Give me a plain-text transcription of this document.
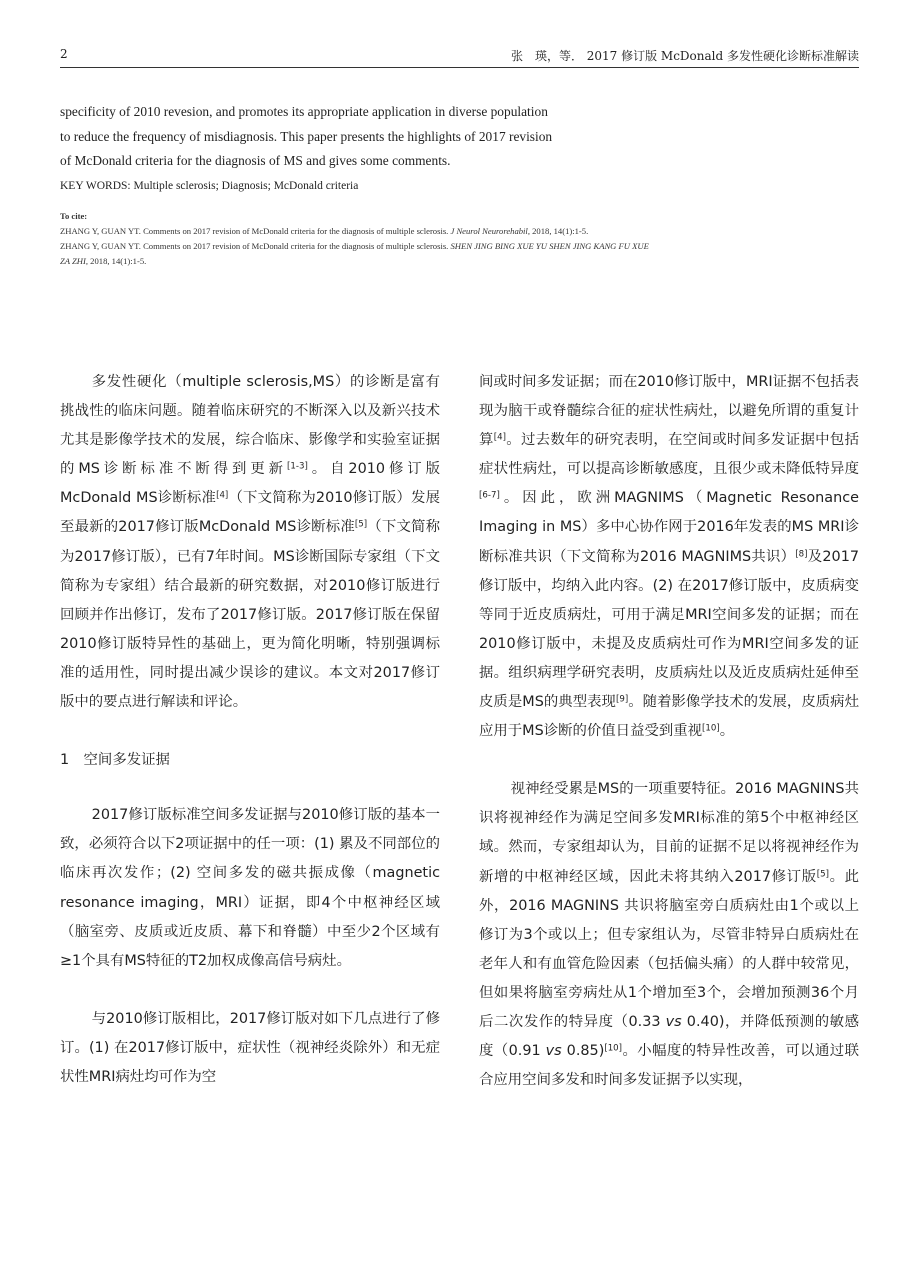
2	张　瑛，等． 2017 修订版 McDonald 多发性硬化诊断标准解读
specificity of 2010 revesion, and promotes its appropriate application in diverse population
to reduce the frequency of misdiagnosis. This paper presents the highlights of 2017 revision
of McDonald criteria for the diagnosis of MS and gives some comments.
KEY WORDS: Multiple sclerosis; Diagnosis; McDonald criteria
To cite:
ZHANG Y, GUAN YT. Comments on 2017 revision of McDonald criteria for the diagnosis of multiple sclerosis. J Neurol Neurorehabil, 2018, 14(1):1-5.
ZHANG Y, GUAN YT. Comments on 2017 revision of McDonald criteria for the diagnosis of multiple sclerosis. SHEN JING BING XUE YU SHEN JING KANG FU XUE ZA ZHI, 2018, 14(1):1-5.

多发性硬化（multiple sclerosis,MS）的诊断是富有挑战性的临床问题。随着临床研究的不断深入以及新兴技术尤其是影像学技术的发展，综合临床、影像学和实验室证据的MS诊断标准不断得到更新[1-3]。自2010修订版McDonald MS诊断标准[4]（下文简称为2010修订版）发展至最新的2017修订版McDonald MS诊断标准[5]（下文简称为2017修订版），已有7年时间。MS诊断国际专家组（下文简称为专家组）结合最新的研究数据，对2010修订版进行回顾并作出修订，发布了2017修订版。2017修订版在保留2010修订版特异性的基础上，更为简化明晰，特别强调标准的适用性，同时提出减少误诊的建议。本文对2017修订版中的要点进行解读和评论。

1　空间多发证据

2017修订版标准空间多发证据与2010修订版的基本一致，必须符合以下2项证据中的任一项：(1) 累及不同部位的临床再次发作；(2) 空间多发的磁共振成像（magnetic resonance imaging，MRI）证据，即4个中枢神经区域（脑室旁、皮质或近皮质、幕下和脊髓）中至少2个区域有≥1个具有MS特征的T2加权成像高信号病灶。

与2010修订版相比，2017修订版对如下几点进行了修订。(1) 在2017修订版中，症状性（视神经炎除外）和无症状性MRI病灶均可作为空

间或时间多发证据；而在2010修订版中，MRI证据不包括表现为脑干或脊髓综合征的症状性病灶，以避免所谓的重复计算[4]。过去数年的研究表明，在空间或时间多发证据中包括症状性病灶，可以提高诊断敏感度，且很少或未降低特异度[6-7]。因此，欧洲MAGNIMS（Magnetic Resonance Imaging in MS）多中心协作网于2016年发表的MS MRI诊断标准共识（下文简称为2016 MAGNIMS共识）[8]及2017修订版中，均纳入此内容。(2) 在2017修订版中，皮质病变等同于近皮质病灶，可用于满足MRI空间多发的证据；而在2010修订版中，未提及皮质病灶可作为MRI空间多发的证据。组织病理学研究表明，皮质病灶以及近皮质病灶延伸至皮质是MS的典型表现[9]。随着影像学技术的发展，皮质病灶应用于MS诊断的价值日益受到重视[10]。

视神经受累是MS的一项重要特征。2016 MAGNINS共识将视神经作为满足空间多发MRI标准的第5个中枢神经区域。然而，专家组却认为，目前的证据不足以将视神经作为新增的中枢神经区域，因此未将其纳入2017修订版[5]。此外，2016 MAGNINS 共识将脑室旁白质病灶由1个或以上修订为3个或以上；但专家组认为，尽管非特异白质病灶在老年人和有血管危险因素（包括偏头痛）的人群中较常见，但如果将脑室旁病灶从1个增加至3个，会增加预测36个月后二次发作的特异度（0.33 vs 0.40)，并降低预测的敏感度（0.91 vs 0.85)[10]。小幅度的特异性改善，可以通过联合应用空间多发和时间多发证据予以实现，
